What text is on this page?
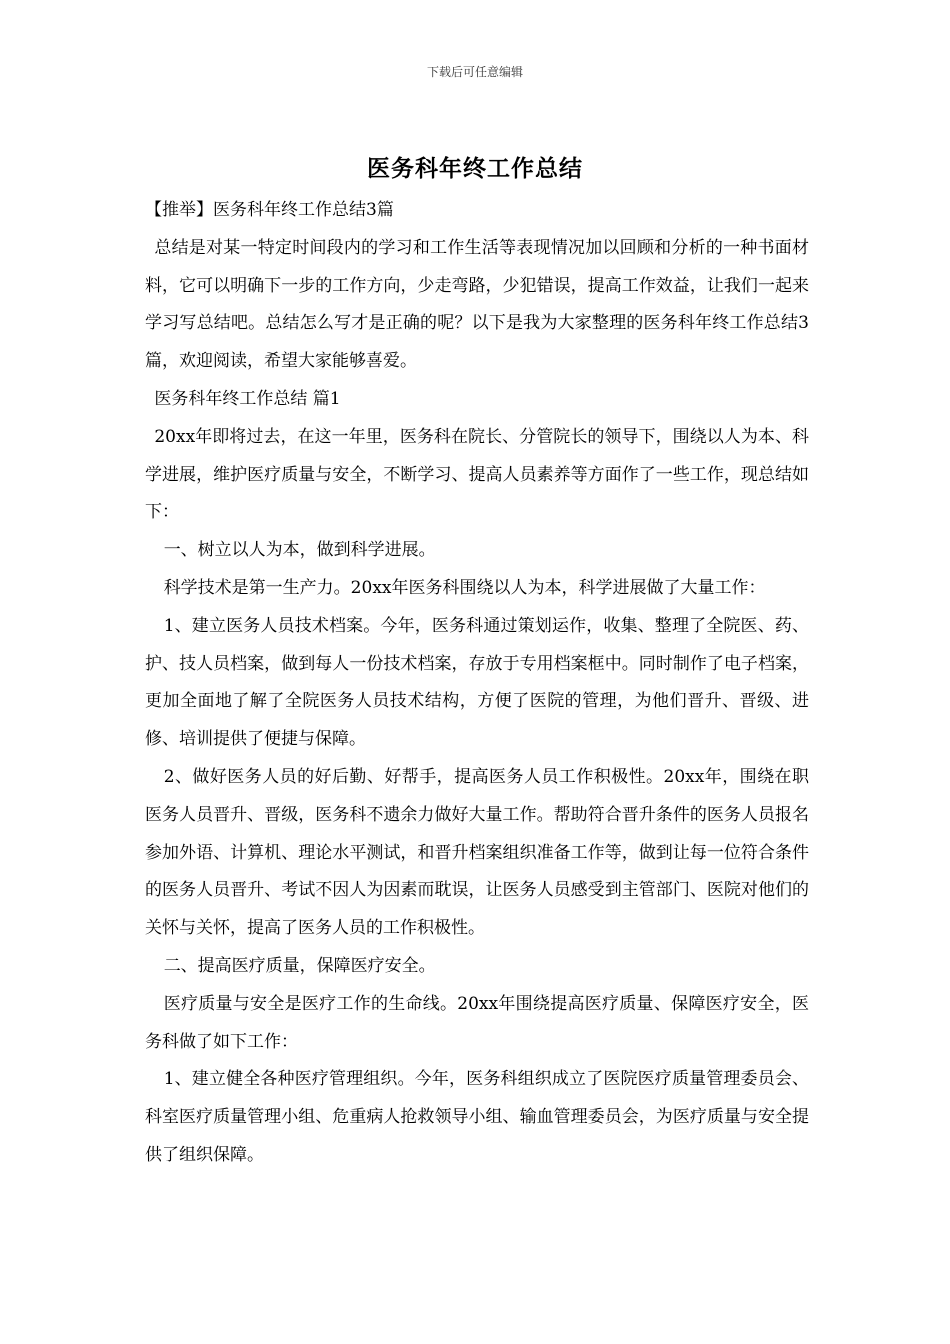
下载后可任意编辑
医务科年终工作总结

【推举】医务科年终工作总结3篇

总结是对某一特定时间段内的学习和工作生活等表现情况加以回顾和分析的一种书面材料，它可以明确下一步的工作方向，少走弯路，少犯错误，提高工作效益，让我们一起来学习写总结吧。总结怎么写才是正确的呢？以下是我为大家整理的医务科年终工作总结3篇，欢迎阅读，希望大家能够喜爱。

医务科年终工作总结 篇1

20xx年即将过去，在这一年里，医务科在院长、分管院长的领导下，围绕以人为本、科学进展，维护医疗质量与安全，不断学习、提高人员素养等方面作了一些工作，现总结如下：

一、树立以人为本，做到科学进展。

科学技术是第一生产力。20xx年医务科围绕以人为本，科学进展做了大量工作：

1、建立医务人员技术档案。今年，医务科通过策划运作，收集、整理了全院医、药、护、技人员档案，做到每人一份技术档案，存放于专用档案框中。同时制作了电子档案，更加全面地了解了全院医务人员技术结构，方便了医院的管理，为他们晋升、晋级、进修、培训提供了便捷与保障。

2、做好医务人员的好后勤、好帮手，提高医务人员工作积极性。20xx年，围绕在职医务人员晋升、晋级，医务科不遗余力做好大量工作。帮助符合晋升条件的医务人员报名参加外语、计算机、理论水平测试，和晋升档案组织准备工作等，做到让每一位符合条件的医务人员晋升、考试不因人为因素而耽误，让医务人员感受到主管部门、医院对他们的关怀与关怀，提高了医务人员的工作积极性。

二、提高医疗质量，保障医疗安全。

医疗质量与安全是医疗工作的生命线。20xx年围绕提高医疗质量、保障医疗安全，医务科做了如下工作：

1、建立健全各种医疗管理组织。今年，医务科组织成立了医院医疗质量管理委员会、科室医疗质量管理小组、危重病人抢救领导小组、输血管理委员会，为医疗质量与安全提供了组织保障。
